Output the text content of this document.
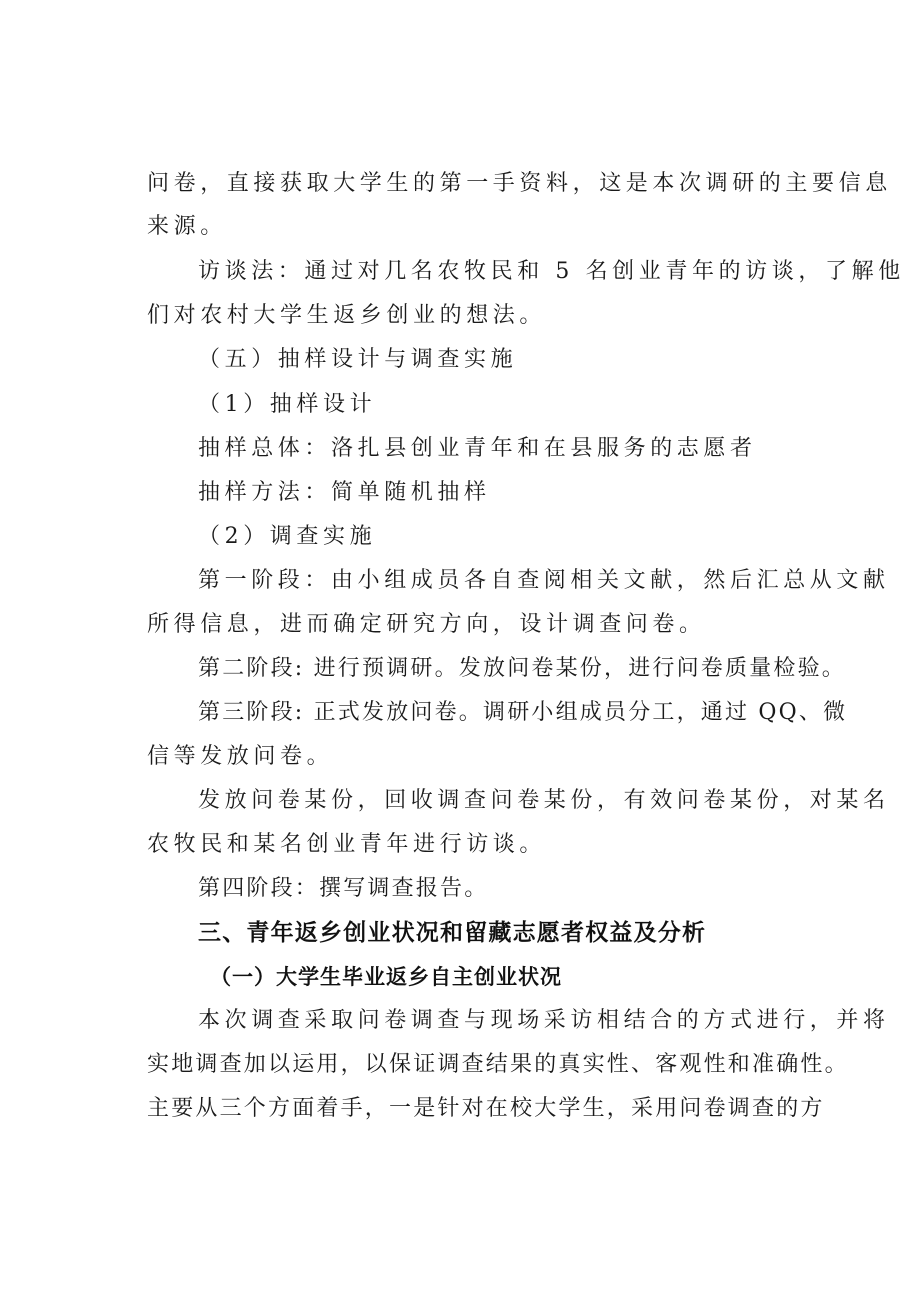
问卷，直接获取大学生的第一手资料，这是本次调研的主要信息

来源。

访谈法：通过对几名农牧民和 5 名创业青年的访谈，了解他

们对农村大学生返乡创业的想法。

（五）抽样设计与调查实施

（1）抽样设计

抽样总体：洛扎县创业青年和在县服务的志愿者

抽样方法：简单随机抽样

（2）调查实施

第一阶段：由小组成员各自查阅相关文献，然后汇总从文献

所得信息，进而确定研究方向，设计调查问卷。

第二阶段: 进行预调研。发放问卷某份，进行问卷质量检验。

第三阶段: 正式发放问卷。调研小组成员分工，通过 QQ、微

信等发放问卷。

发放问卷某份，回收调查问卷某份，有效问卷某份，对某名

农牧民和某名创业青年进行访谈。

第四阶段：撰写调查报告。

三、青年返乡创业状况和留藏志愿者权益及分析
（一）大学生毕业返乡自主创业状况

本次调查采取问卷调查与现场采访相结合的方式进行，并将

实地调查加以运用，以保证调查结果的真实性、客观性和准确性。

主要从三个方面着手，一是针对在校大学生，采用问卷调查的方
